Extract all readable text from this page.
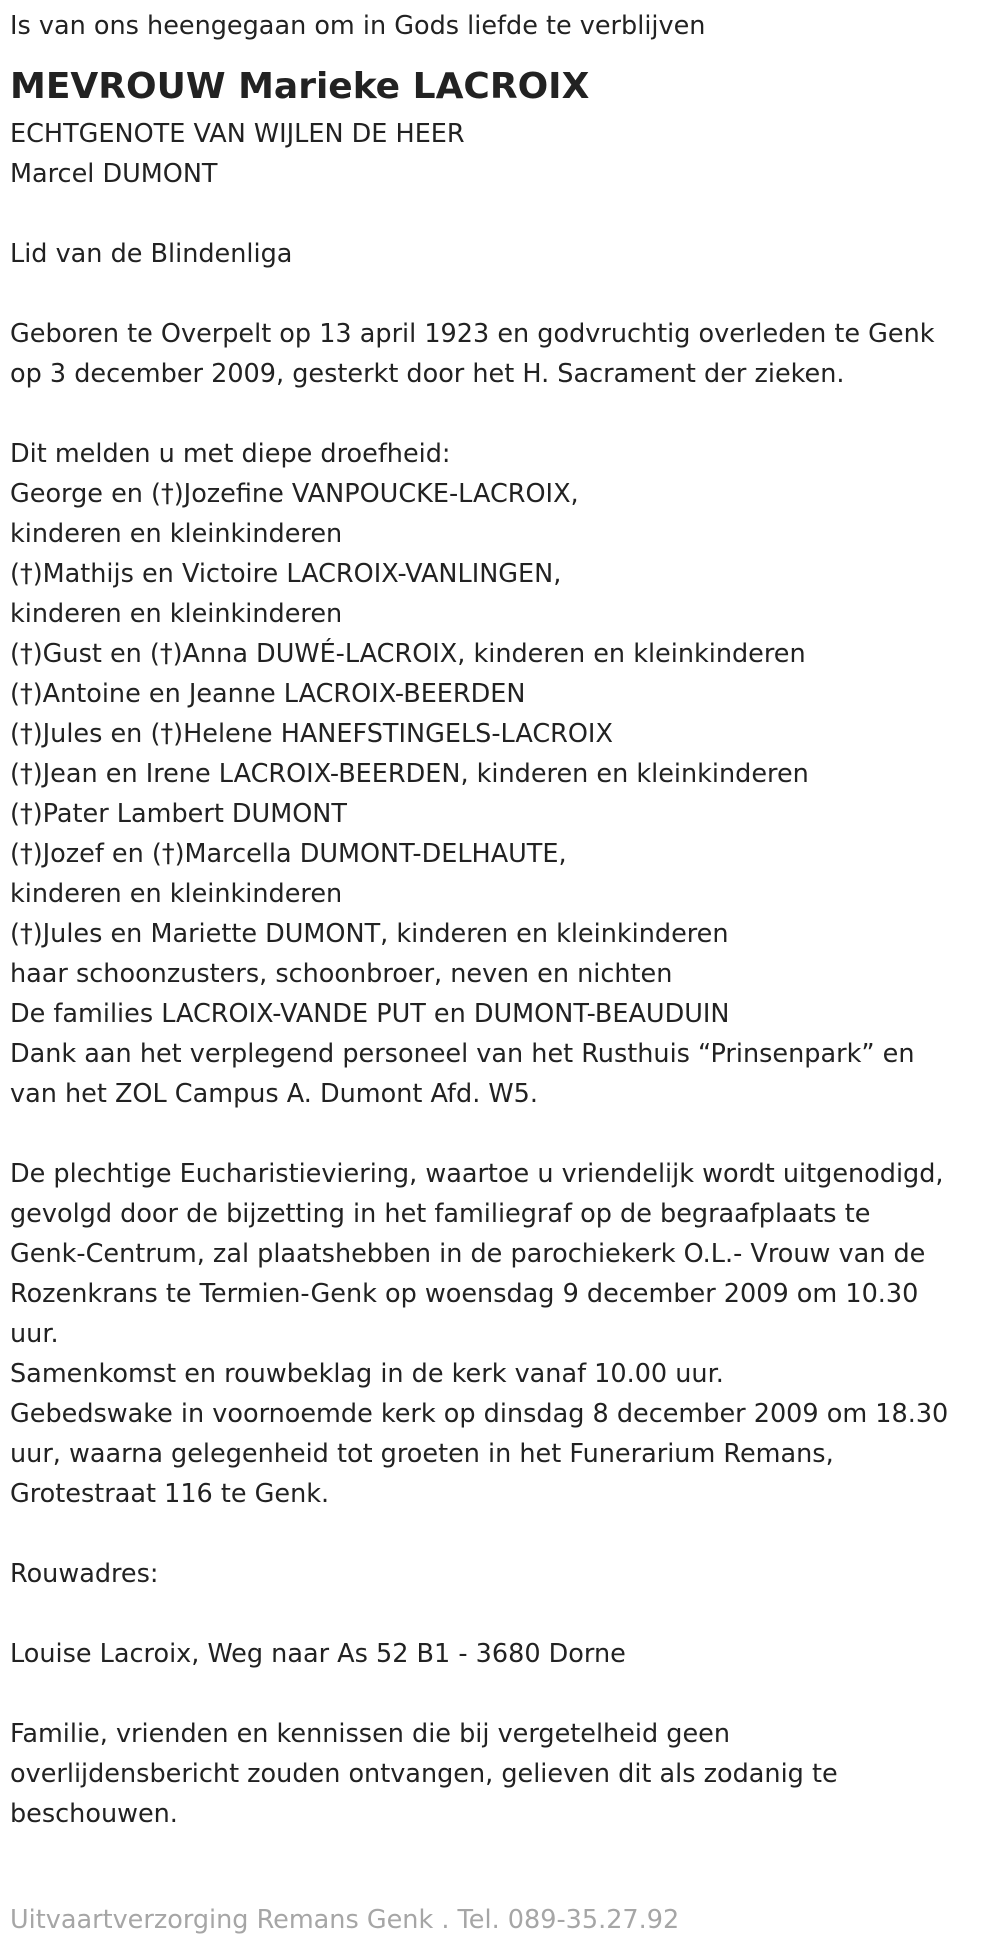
Is van ons heengegaan om in Gods liefde te verblijven
MEVROUW Marieke LACROIX
ECHTGENOTE VAN WIJLEN DE HEER
Marcel DUMONT
Lid van de Blindenliga
Geboren te Overpelt op 13 april 1923 en godvruchtig overleden te Genk
op 3 december 2009, gesterkt door het H. Sacrament der zieken.
Dit melden u met diepe droefheid:
George en (†)Jozefine VANPOUCKE-LACROIX,
kinderen en kleinkinderen
(†)Mathijs en Victoire LACROIX-VANLINGEN,
kinderen en kleinkinderen
(†)Gust en (†)Anna DUWÉ-LACROIX, kinderen en kleinkinderen
(†)Antoine en Jeanne LACROIX-BEERDEN
(†)Jules en (†)Helene HANEFSTINGELS-LACROIX
(†)Jean en Irene LACROIX-BEERDEN, kinderen en kleinkinderen
(†)Pater Lambert DUMONT
(†)Jozef en (†)Marcella DUMONT-DELHAUTE,
kinderen en kleinkinderen
(†)Jules en Mariette DUMONT, kinderen en kleinkinderen
haar schoonzusters, schoonbroer, neven en nichten
De families LACROIX-VANDE PUT en DUMONT-BEAUDUIN
Dank aan het verplegend personeel van het Rusthuis “Prinsenpark” en
van het ZOL Campus A. Dumont Afd. W5.
De plechtige Eucharistieviering, waartoe u vriendelijk wordt uitgenodigd,
gevolgd door de bijzetting in het familiegraf op de begraafplaats te
Genk-Centrum, zal plaatshebben in de parochiekerk O.L.- Vrouw van de
Rozenkrans te Termien-Genk op woensdag 9 december 2009 om 10.30
uur.
Samenkomst en rouwbeklag in de kerk vanaf 10.00 uur.
Gebedswake in voornoemde kerk op dinsdag 8 december 2009 om 18.30
uur, waarna gelegenheid tot groeten in het Funerarium Remans,
Grotestraat 116 te Genk.
Rouwadres:
Louise Lacroix, Weg naar As 52 B1 - 3680 Dorne
Familie, vrienden en kennissen die bij vergetelheid geen
overlijdensbericht zouden ontvangen, gelieven dit als zodanig te
beschouwen.
Uitvaartverzorging Remans Genk . Tel. 089-35.27.92
